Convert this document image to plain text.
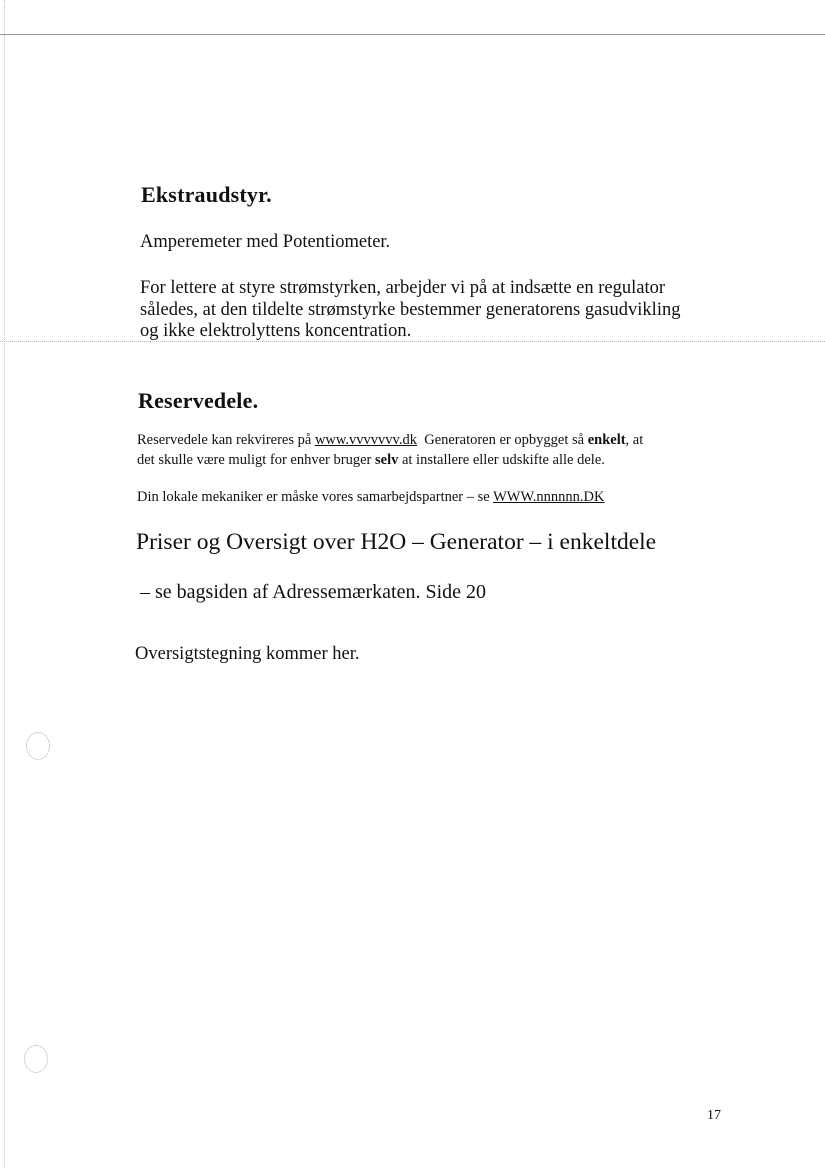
Ekstraudstyr.

Amperemeter med Potentiometer.

For lettere at styre strømstyrken, arbejder vi på at indsætte en regulator

således, at den tildelte strømstyrke bestemmer generatorens gasudvikling

og ikke elektrolyttens koncentration.

Reservedele.

Reservedele kan rekvireres på www.vvvvvvv.dk Generatoren er opbygget så enkelt, at

det skulle være muligt for enhver bruger selv at installere eller udskifte alle dele.

Din lokale mekaniker er måske vores samarbejdspartner – se WWW.nnnnnn.DK

Priser og Oversigt over H2O – Generator – i enkeltdele

– se bagsiden af Adressemærkaten. Side 20

Oversigtstegning kommer her.

17
